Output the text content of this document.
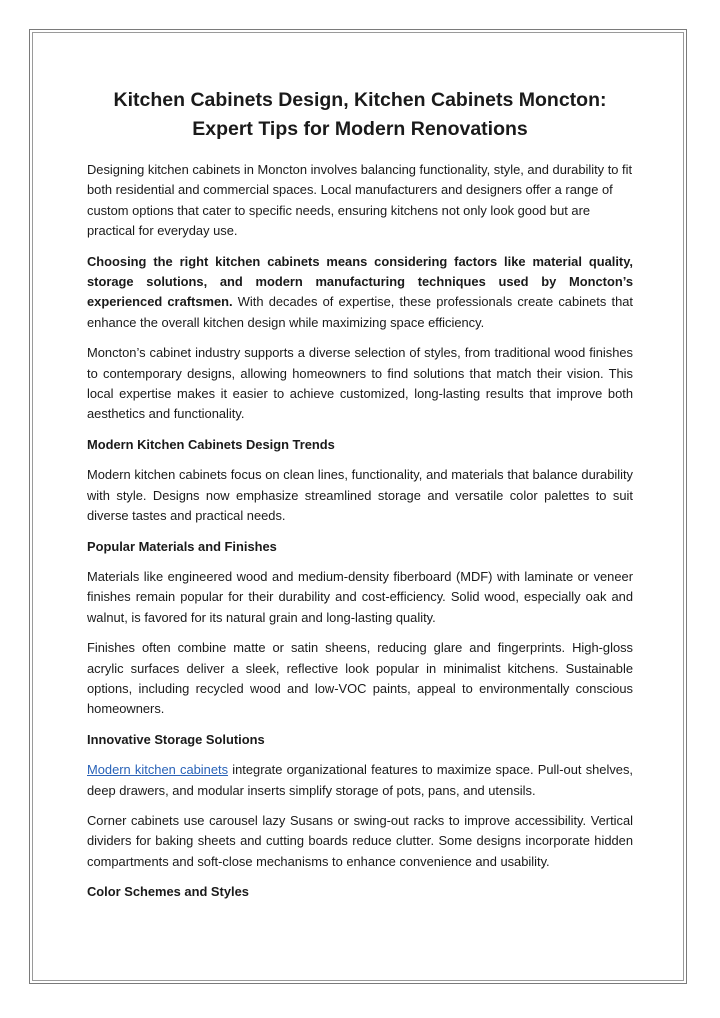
Kitchen Cabinets Design, Kitchen Cabinets Moncton: Expert Tips for Modern Renovations

Designing kitchen cabinets in Moncton involves balancing functionality, style, and durability to fit both residential and commercial spaces. Local manufacturers and designers offer a range of custom options that cater to specific needs, ensuring kitchens not only look good but are practical for everyday use.

Choosing the right kitchen cabinets means considering factors like material quality, storage solutions, and modern manufacturing techniques used by Moncton’s experienced craftsmen. With decades of expertise, these professionals create cabinets that enhance the overall kitchen design while maximizing space efficiency.

Moncton’s cabinet industry supports a diverse selection of styles, from traditional wood finishes to contemporary designs, allowing homeowners to find solutions that match their vision. This local expertise makes it easier to achieve customized, long-lasting results that improve both aesthetics and functionality.

Modern Kitchen Cabinets Design Trends

Modern kitchen cabinets focus on clean lines, functionality, and materials that balance durability with style. Designs now emphasize streamlined storage and versatile color palettes to suit diverse tastes and practical needs.

Popular Materials and Finishes

Materials like engineered wood and medium-density fiberboard (MDF) with laminate or veneer finishes remain popular for their durability and cost-efficiency. Solid wood, especially oak and walnut, is favored for its natural grain and long-lasting quality.

Finishes often combine matte or satin sheens, reducing glare and fingerprints. High-gloss acrylic surfaces deliver a sleek, reflective look popular in minimalist kitchens. Sustainable options, including recycled wood and low-VOC paints, appeal to environmentally conscious homeowners.

Innovative Storage Solutions

Modern kitchen cabinets integrate organizational features to maximize space. Pull-out shelves, deep drawers, and modular inserts simplify storage of pots, pans, and utensils.

Corner cabinets use carousel lazy Susans or swing-out racks to improve accessibility. Vertical dividers for baking sheets and cutting boards reduce clutter. Some designs incorporate hidden compartments and soft-close mechanisms to enhance convenience and usability.

Color Schemes and Styles
